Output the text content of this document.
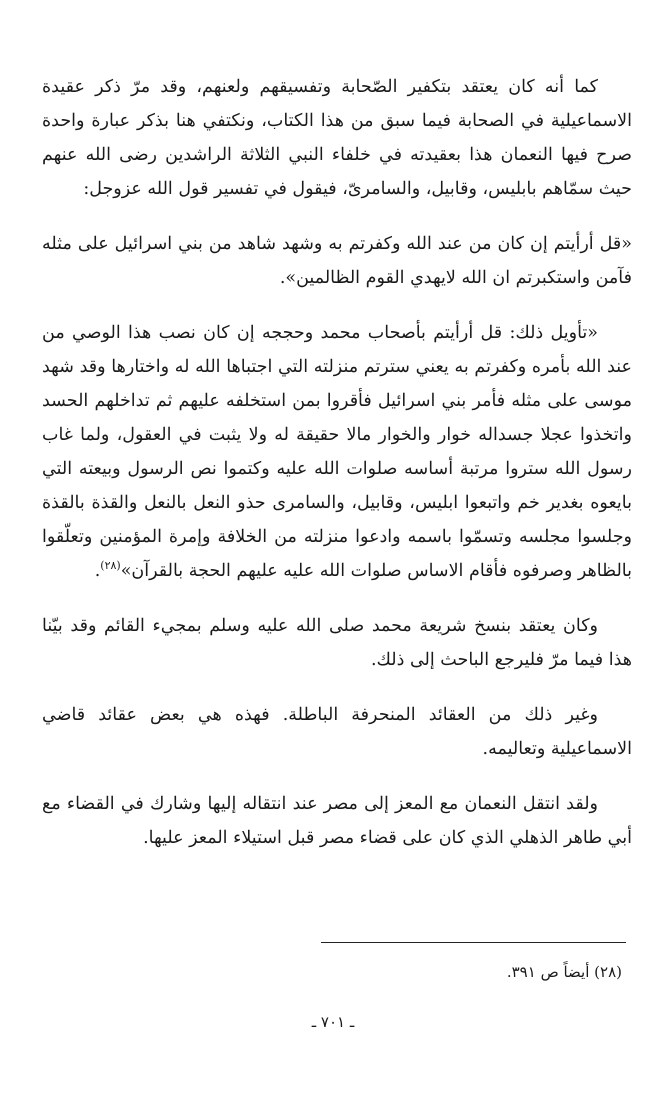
كما أنه كان يعتقد بتكفير الصّحابة وتفسيقهم ولعنهم، وقد مرّ ذكر عقيدة الاسماعيلية في الصحابة فيما سبق من هذا الكتاب، ونكتفي هنا بذكر عبارة واحدة صرح فيها النعمان هذا بعقيدته في خلفاء النبي الثلاثة الراشدين رضى الله عنهم حيث سمّاهم بابليس، وقابيل، والسامرىّ، فيقول في تفسير قول الله عزوجل:

«قل أرأيتم إن كان من عند الله وكفرتم به وشهد شاهد من بني اسرائيل على مثله فآمن واستكبرتم ان الله لايهدي القوم الظالمين».

«تأويل ذلك: قل أرأيتم بأصحاب محمد وحججه إن كان نصب هذا الوصي من عند الله بأمره وكفرتم به يعني سترتم منزلته التي اجتباها الله له واختارها وقد شهد موسى على مثله فأمر بني اسرائيل فأقروا بمن استخلفه عليهم ثم تداخلهم الحسد واتخذوا عجلا جسداله خوار والخوار مالا حقيقة له ولا يثبت في العقول، ولما غاب رسول الله ستروا مرتبة أساسه صلوات الله عليه وكتموا نص الرسول وبيعته التي بايعوه بغدير خم واتبعوا ابليس، وقابيل، والسامرى حذو النعل بالنعل والقذة بالقذة وجلسوا مجلسه وتسمّوا باسمه وادعوا منزلته من الخلافة وإمرة المؤمنين وتعلّقوا بالظاهر وصرفوه فأقام الاساس صلوات الله عليه عليهم الحجة بالقرآن»$^{(٢٨)}$.

وكان يعتقد بنسخ شريعة محمد صلى الله عليه وسلم بمجيء القائم وقد بيّنا هذا فيما مرّ فليرجع الباحث إلى ذلك.

وغير ذلك من العقائد المنحرفة الباطلة. فهذه هي بعض عقائد قاضي الاسماعيلية وتعاليمه.

ولقد انتقل النعمان مع المعز إلى مصر عند انتقاله إليها وشارك في القضاء مع أبي طاهر الذهلي الذي كان على قضاء مصر قبل استيلاء المعز عليها.

(٢٨) أيضاً ص ٣٩١.
ـ ٧٠١ ـ
